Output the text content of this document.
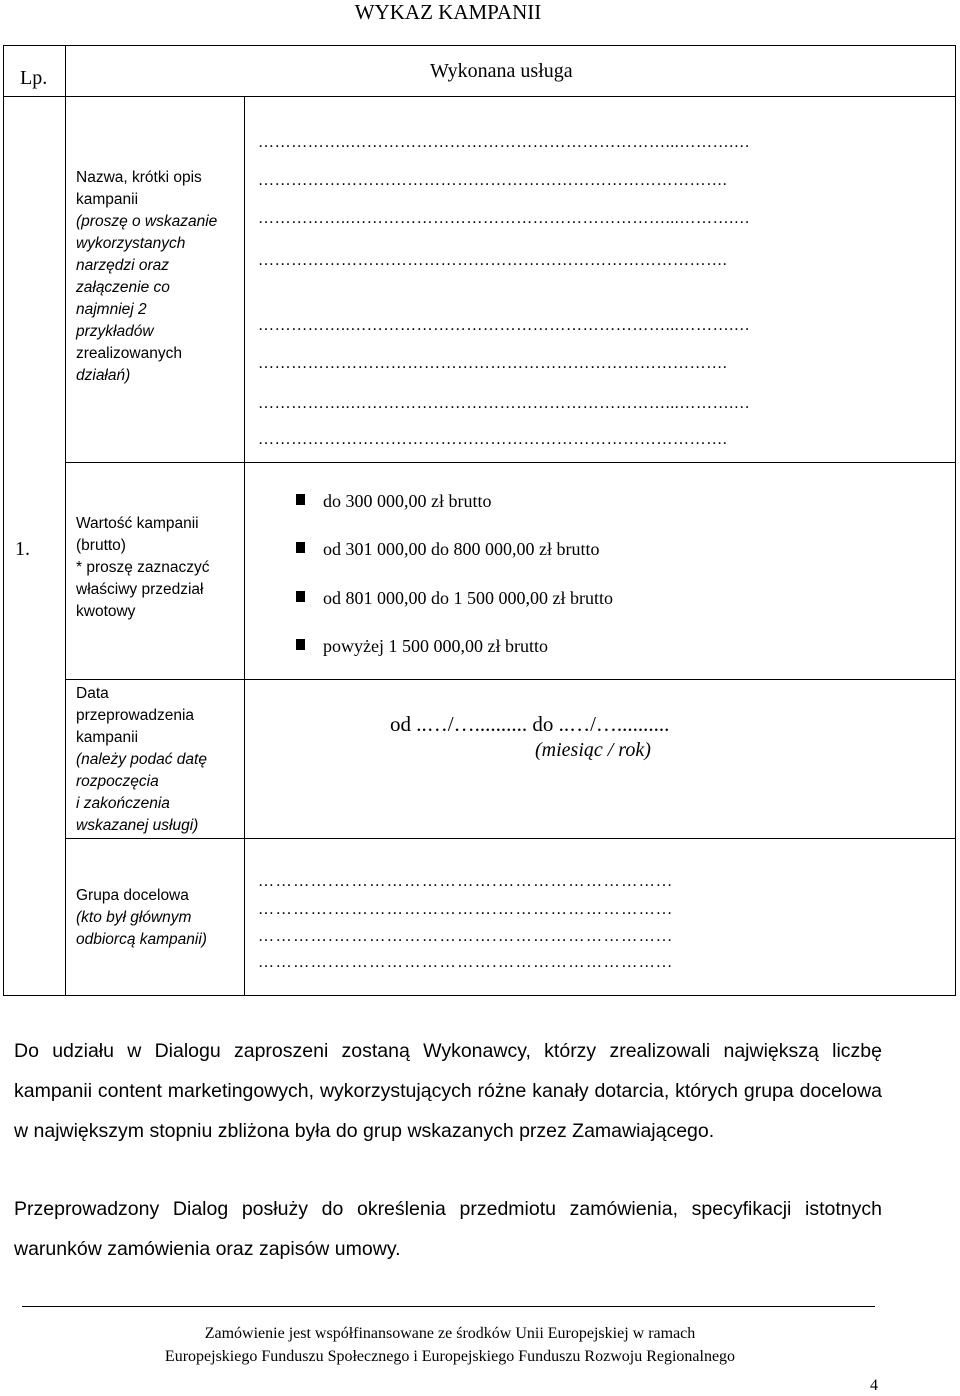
WYKAZ KAMPANII
Lp.	Wykonana usługa
1.
Nazwa, krótki opis
kampanii
(proszę o wskazanie
wykorzystanych
narzędzi oraz
załączenie co
najmniej 2
przykładów
zrealizowanych
działań)
……………..…………………………………………………...……….…
………………………………………………………………………….
……………..…………………………………………………...……….…
………………………………………………………………………….
……………..…………………………………………………...……….…
………………………………………………………………………….
……………..…………………………………………………...……….…
………………………………………………………………………….
Wartość kampanii
(brutto)
* proszę zaznaczyć
właściwy przedział
kwotowy
do 300 000,00 zł brutto
od 301 000,00 do 800 000,00 zł brutto
od 801 000,00 do 1 500 000,00 zł brutto
powyżej 1 500 000,00 zł brutto
Data
przeprowadzenia
kampanii
(należy podać datę
rozpoczęcia
i zakończenia
wskazanej usługi)
od ..…/….......... do ..…/…..........
(miesiąc / rok)
Grupa docelowa
(kto był głównym
odbiorcą kampanii)
………….……………………….………………………...
………….……………………….………………………...
………….……………………….………………………...
………….……………………….………………………...
Do udziału w Dialogu zaproszeni zostaną Wykonawcy, którzy zrealizowali największą liczbę kampanii content marketingowych, wykorzystujących różne kanały dotarcia, których grupa docelowa w największym stopniu zbliżona była do grup wskazanych przez Zamawiającego.
Przeprowadzony Dialog posłuży do określenia przedmiotu zamówienia, specyfikacji istotnych warunków zamówienia oraz zapisów umowy.
Zamówienie jest współfinansowane ze środków Unii Europejskiej w ramach
Europejskiego Funduszu Społecznego i Europejskiego Funduszu Rozwoju Regionalnego
4
